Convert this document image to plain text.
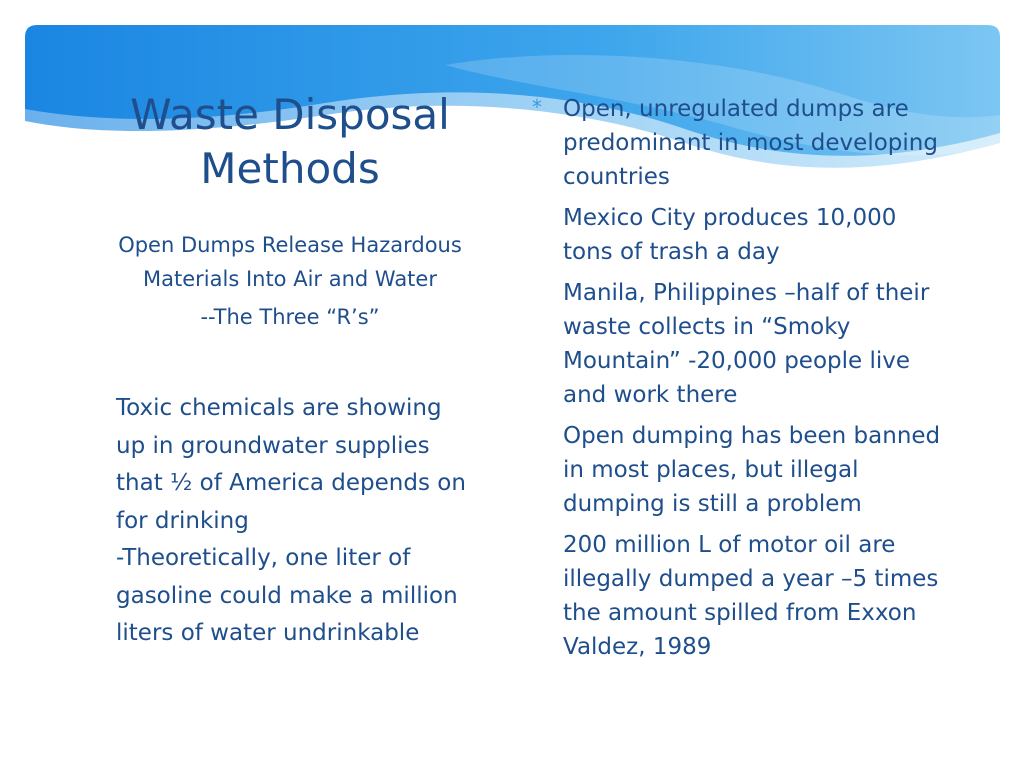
Waste Disposal Methods
Open Dumps Release Hazardous Materials Into Air and Water
--The Three “R’s”

Toxic chemicals are showing up in groundwater supplies that ½ of America depends on for drinking

-Theoretically, one liter of gasoline could make a million liters of water undrinkable

* Open, unregulated dumps are predominant in most developing countries
Mexico City produces 10,000 tons of trash a day
Manila, Philippines –half of their waste collects in “Smoky Mountain” -20,000 people live and work there
Open dumping has been banned in most places, but illegal dumping is still a problem
200 million L of motor oil are illegally dumped a year –5 times the amount spilled from Exxon Valdez, 1989
